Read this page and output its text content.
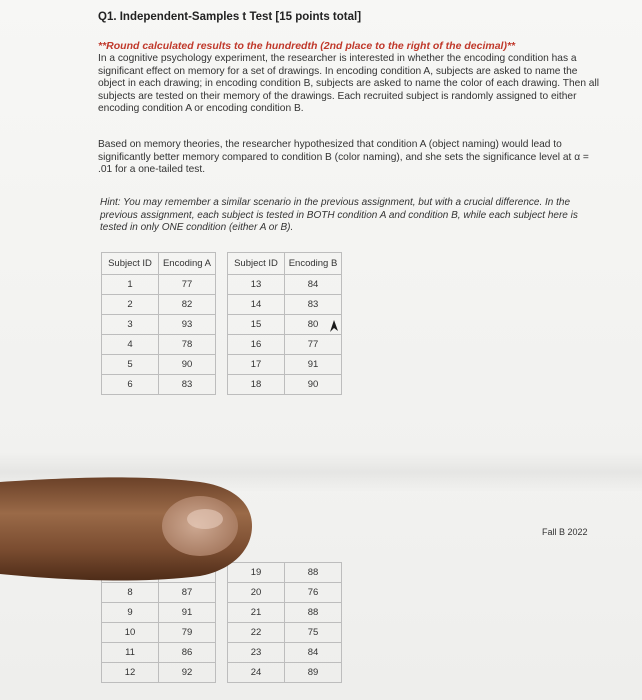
Q1. Independent-Samples t Test [15 points total]
**Round calculated results to the hundredth (2nd place to the right of the decimal)**
In a cognitive psychology experiment, the researcher is interested in whether the encoding condition has a significant effect on memory for a set of drawings. In encoding condition A, subjects are asked to name the object in each drawing; in encoding condition B, subjects are asked to name the color of each drawing. Then all subjects are tested on their memory of the drawings. Each recruited subject is randomly assigned to either encoding condition A or encoding condition B.
Based on memory theories, the researcher hypothesized that condition A (object naming) would lead to significantly better memory compared to condition B (color naming), and she sets the significance level at α = .01 for a one-tailed test.
Hint: You may remember a similar scenario in the previous assignment, but with a crucial difference. In the previous assignment, each subject is tested in BOTH condition A and condition B, while each subject here is tested in only ONE condition (either A or B).
Subject ID	Encoding A
1	77
2	82
3	93
4	78
5	90
6	83
Subject ID	Encoding B
13	84
14	83
15	80
16	77
17	91
18	90
Fall B 2022

8	87
9	91
10	79
11	86
12	92
19	88
20	76
21	88
22	75
23	84
24	89
